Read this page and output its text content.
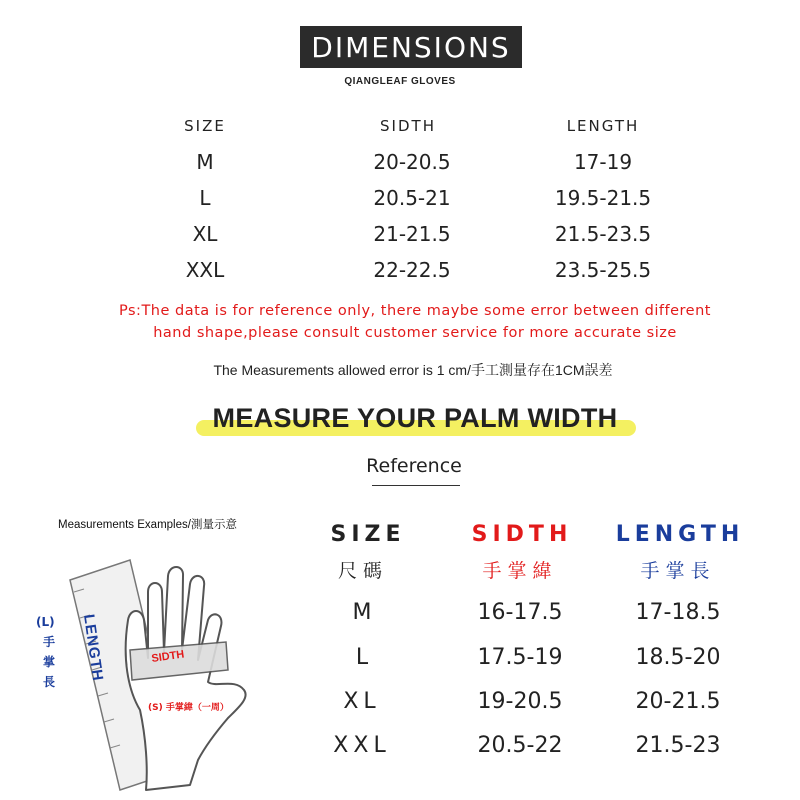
DIMENSIONS
QIANGLEAF GLOVES
SIZE	SIDTH	LENGTH
M	20-20.5	17-19
L	20.5-21	19.5-21.5
XL	21-21.5	21.5-23.5
XXL	22-22.5	23.5-25.5
Ps:The data is for reference only, there maybe some error between different
hand shape,please consult customer service for more accurate size
The Measurements allowed error is 1 cm/手工測量存在1CM誤差
MEASURE YOUR PALM WIDTH
Reference
Measurements Examples/測量示意
SIDTH
(S) 手掌緯（一周）
LENGTH
(L)
手
掌
長
SIZE	SIDTH	LENGTH
尺碼	手掌緯	手掌長
M	16-17.5	17-18.5
L	17.5-19	18.5-20
XL	19-20.5	20-21.5
XXL	20.5-22	21.5-23
